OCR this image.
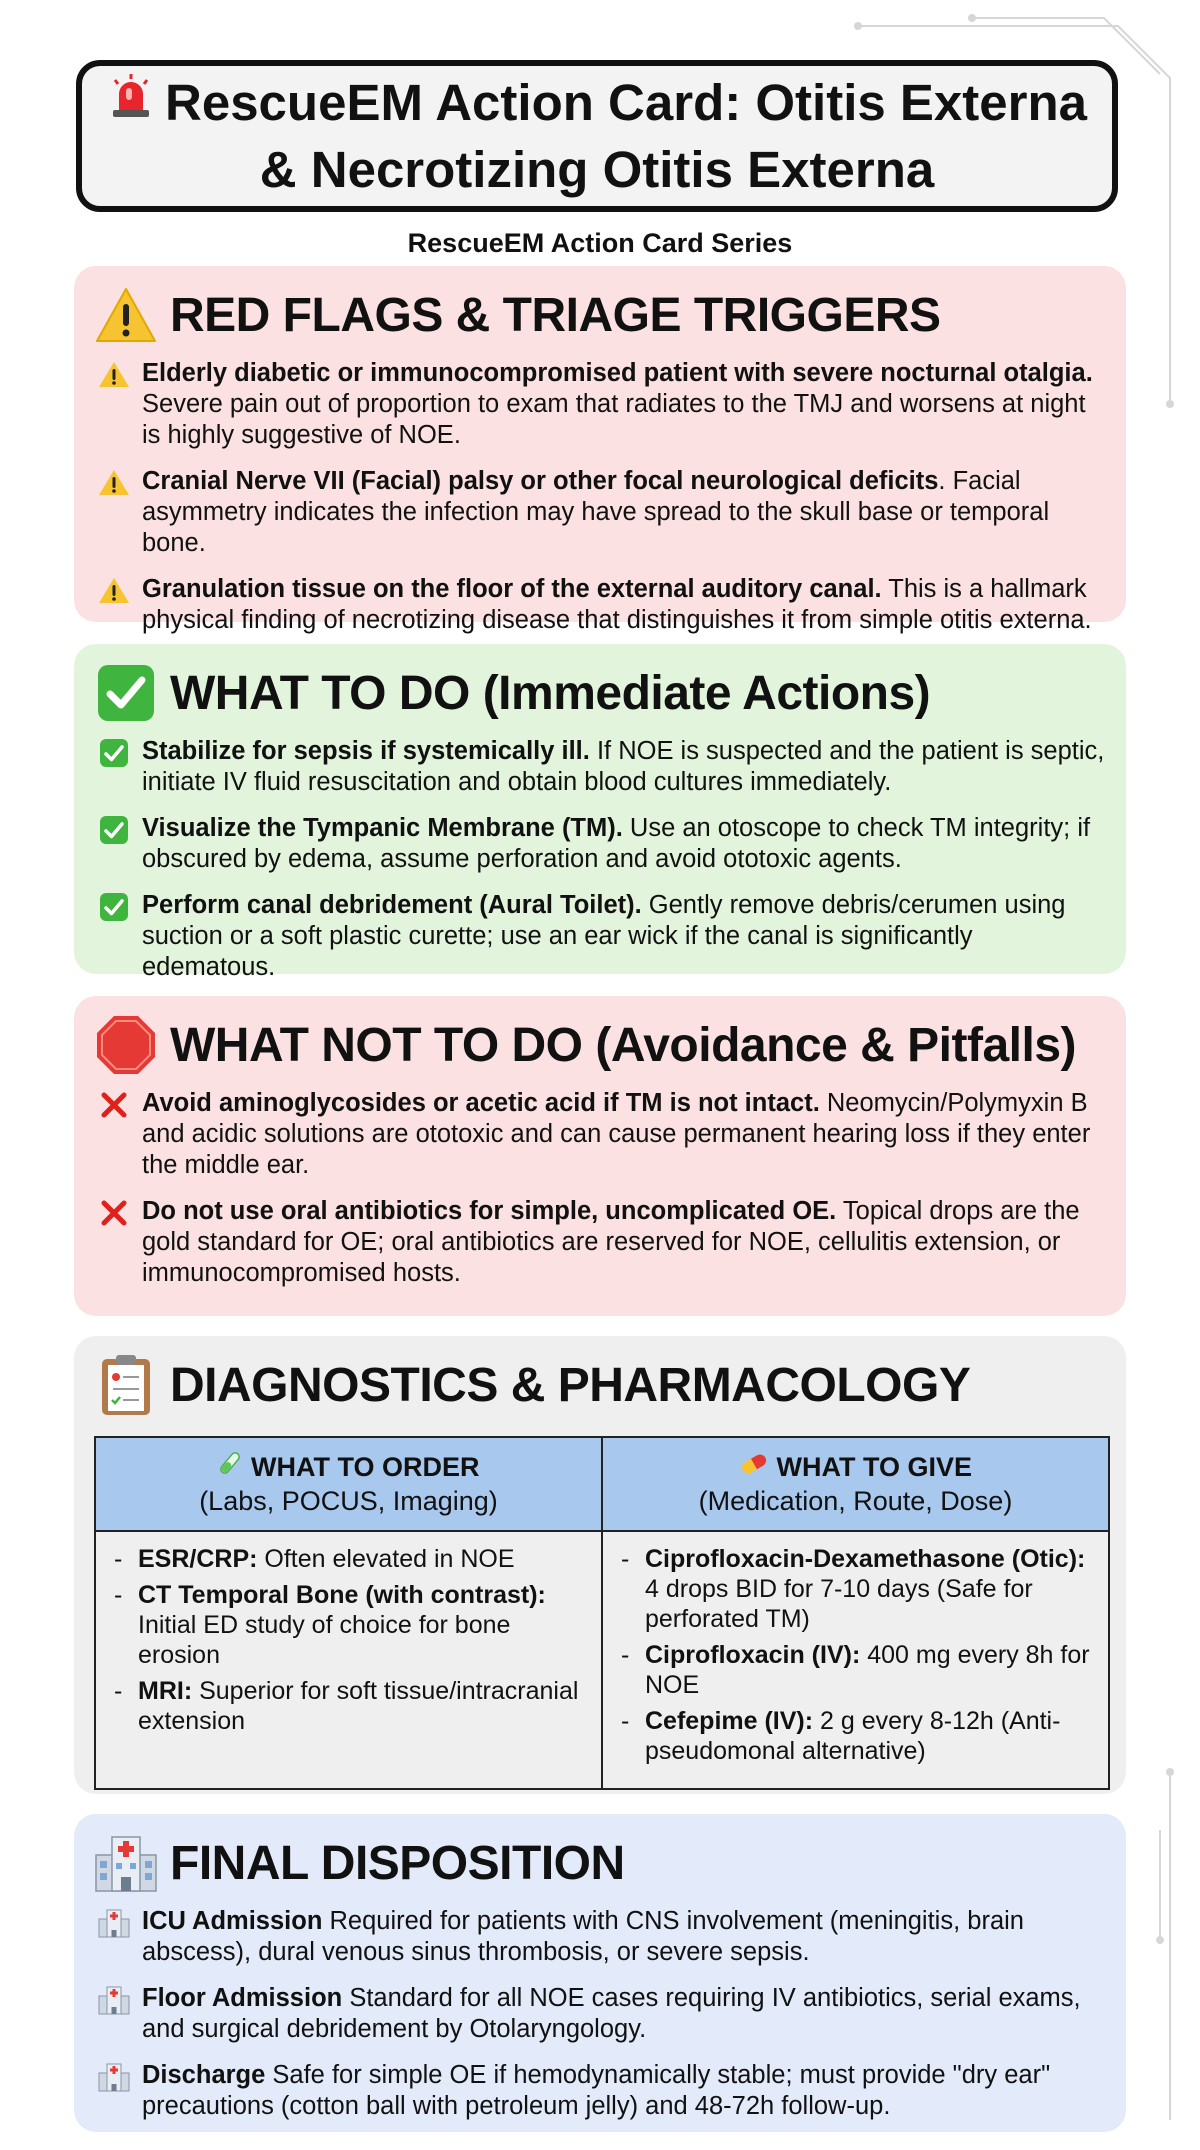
RescueEM Action Card: Otitis Externa
& Necrotizing Otitis Externa
RescueEM Action Card Series
RED FLAGS & TRIAGE TRIGGERS
Elderly diabetic or immunocompromised patient with severe nocturnal otalgia. Severe pain out of proportion to exam that radiates to the TMJ and worsens at night is highly suggestive of NOE.
Cranial Nerve VII (Facial) palsy or other focal neurological deficits. Facial asymmetry indicates the infection may have spread to the skull base or temporal bone.
Granulation tissue on the floor of the external auditory canal. This is a hallmark physical finding of necrotizing disease that distinguishes it from simple otitis externa.
WHAT TO DO (Immediate Actions)
Stabilize for sepsis if systemically ill. If NOE is suspected and the patient is septic, initiate IV fluid resuscitation and obtain blood cultures immediately.
Visualize the Tympanic Membrane (TM). Use an otoscope to check TM integrity; if obscured by edema, assume perforation and avoid ototoxic agents.
Perform canal debridement (Aural Toilet). Gently remove debris/cerumen using suction or a soft plastic curette; use an ear wick if the canal is significantly edematous.
WHAT NOT TO DO (Avoidance & Pitfalls)
Avoid aminoglycosides or acetic acid if TM is not intact. Neomycin/Polymyxin B and acidic solutions are ototoxic and can cause permanent hearing loss if they enter the middle ear.
Do not use oral antibiotics for simple, uncomplicated OE. Topical drops are the gold standard for OE; oral antibiotics are reserved for NOE, cellulitis extension, or immunocompromised hosts.
DIAGNOSTICS & PHARMACOLOGY
WHAT TO ORDER
(Labs, POCUS, Imaging)
WHAT TO GIVE
(Medication, Route, Dose)
- ESR/CRP: Often elevated in NOE
- CT Temporal Bone (with contrast): Initial ED study of choice for bone erosion
- MRI: Superior for soft tissue/intracranial extension
- Ciprofloxacin-Dexamethasone (Otic): 4 drops BID for 7-10 days (Safe for perforated TM)
- Ciprofloxacin (IV): 400 mg every 8h for NOE
- Cefepime (IV): 2 g every 8-12h (Anti-pseudomonal alternative)
FINAL DISPOSITION
ICU Admission Required for patients with CNS involvement (meningitis, brain abscess), dural venous sinus thrombosis, or severe sepsis.
Floor Admission Standard for all NOE cases requiring IV antibiotics, serial exams, and surgical debridement by Otolaryngology.
Discharge Safe for simple OE if hemodynamically stable; must provide "dry ear" precautions (cotton ball with petroleum jelly) and 48-72h follow-up.
